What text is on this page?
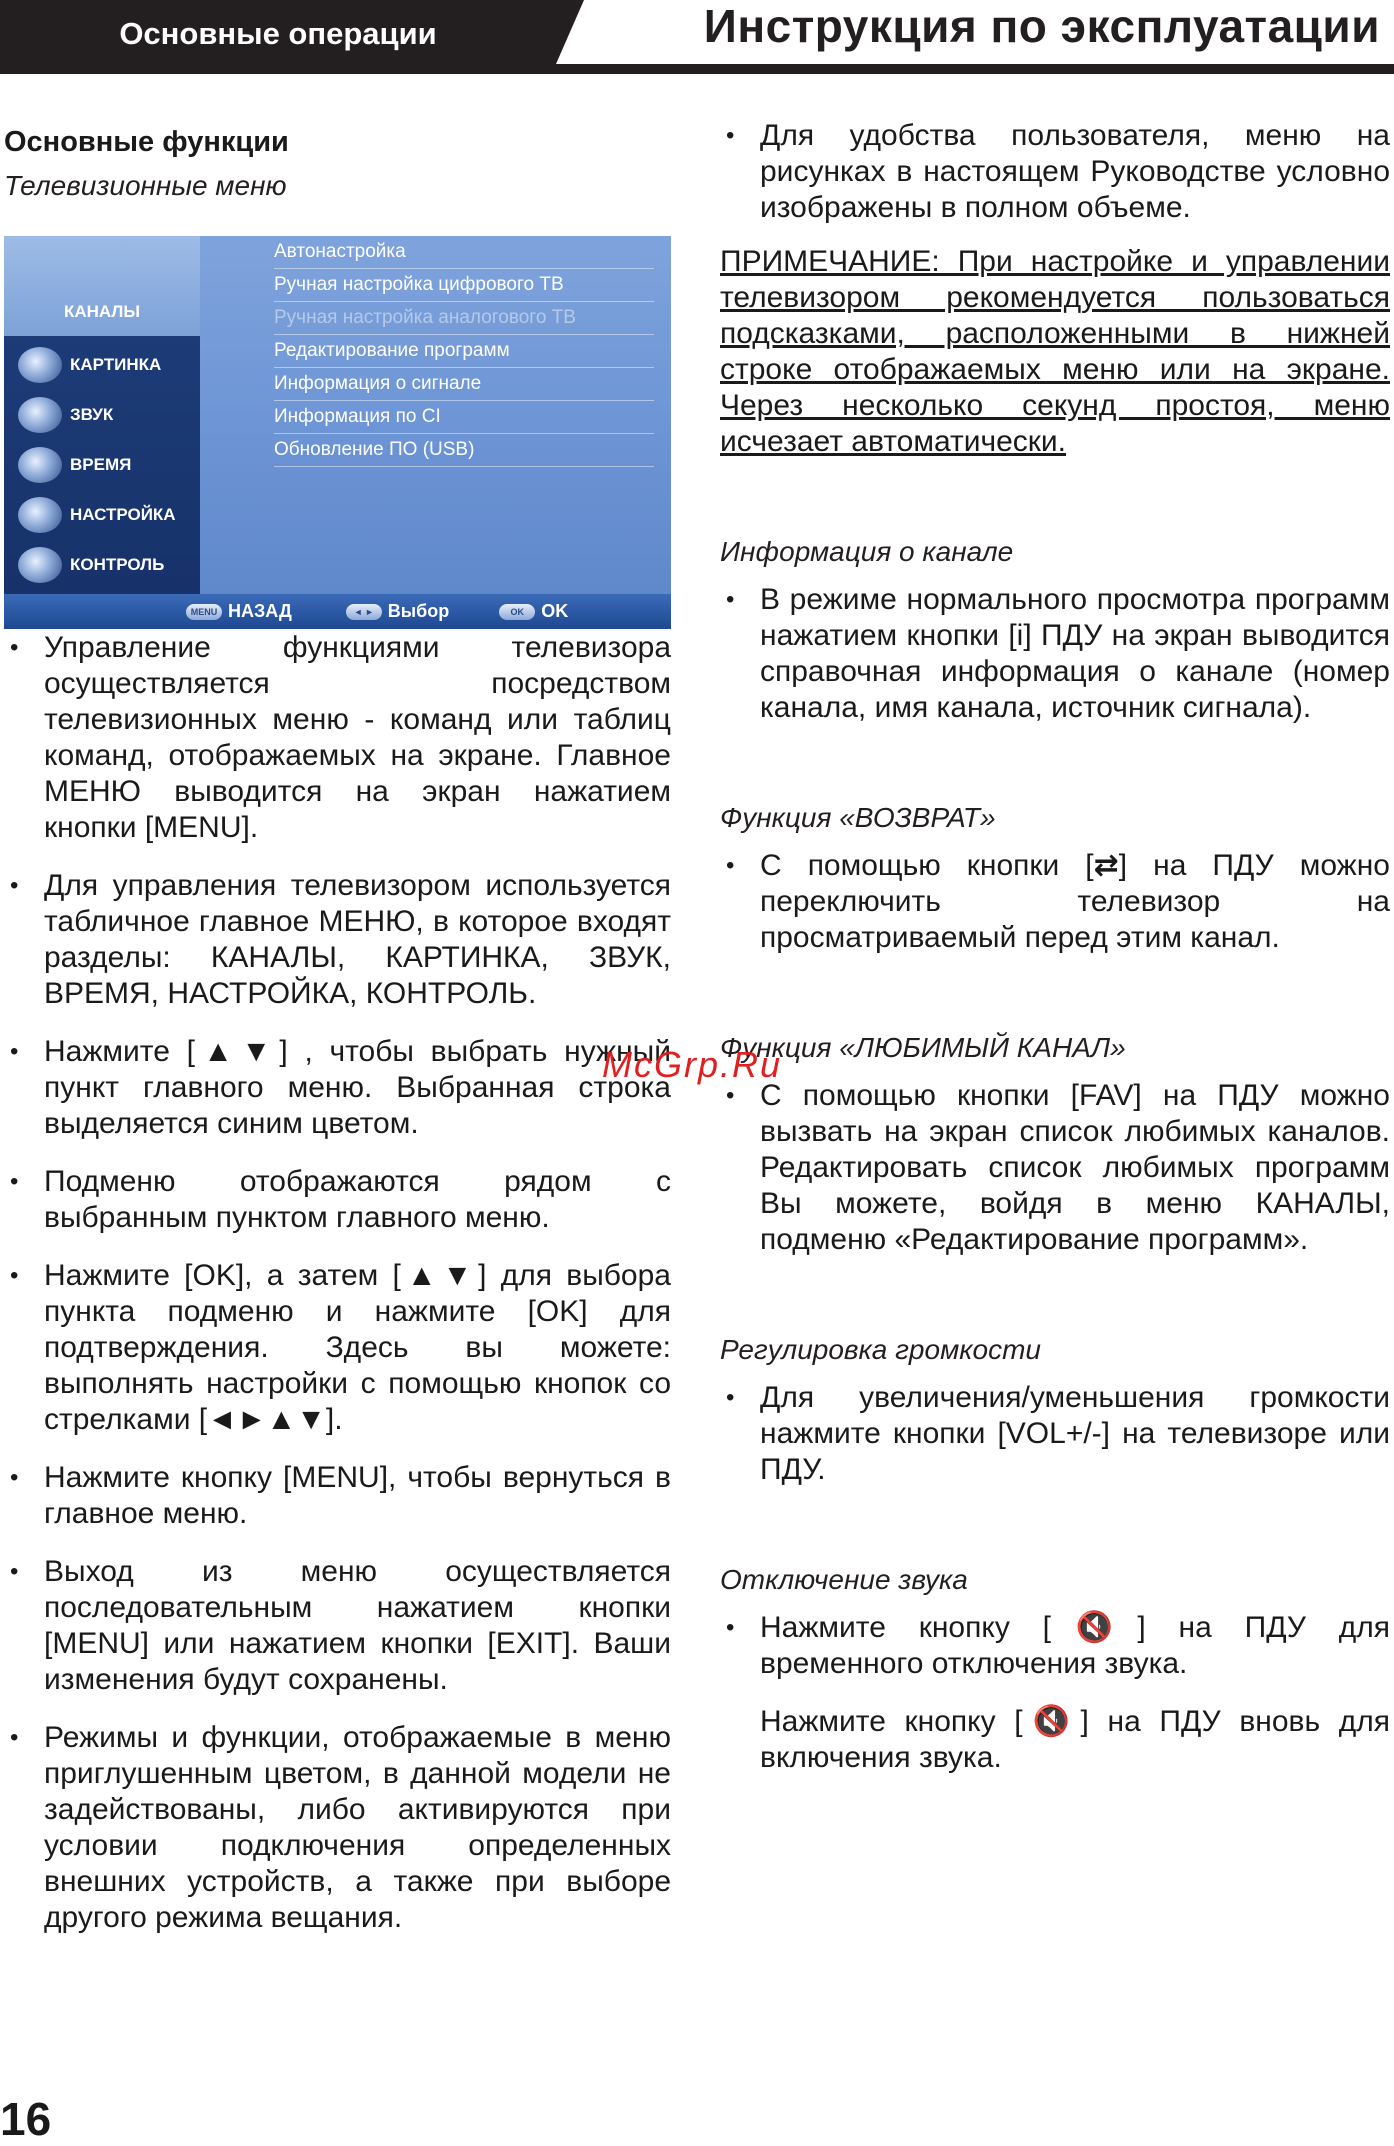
Основные операции	Инструкция по эксплуатации

Основные функции

Телевизионные меню

КАНАЛЫ
КАРТИНКА
ЗВУК
ВРЕМЯ
НАСТРОЙКА
КОНТРОЛЬ
Автонастройка
Ручная настройка цифрового ТВ
Ручная настройка аналогового ТВ
Редактирование программ
Информация о сигнале
Информация по CI
Обновление ПО (USB)
MENU НАЗАД	◄ ► Выбор	OK OK

• Управление функциями телевизора осуществляется посредством телевизионных меню - команд или таблиц команд, отображаемых на экране. Главное МЕНЮ выводится на экран нажатием кнопки [MENU].

• Для управления телевизором используется табличное главное МЕНЮ, в которое входят разделы: КАНАЛЫ, КАРТИНКА, ЗВУК, ВРЕМЯ, НАСТРОЙКА, КОНТРОЛЬ.

• Нажмите [▲▼] , чтобы выбрать нужный пункт главного меню. Выбранная строка выделяется синим цветом.

• Подменю отображаются рядом с выбранным пунктом главного меню.

• Нажмите [OK], а затем [▲▼] для выбора пункта подменю и нажмите [OK] для подтверждения. Здесь вы можете: выполнять настройки с помощью кнопок со стрелками [◄►▲▼].

• Нажмите кнопку [MENU], чтобы вернуться в главное меню.

• Выход из меню осуществляется последовательным нажатием кнопки [MENU] или нажатием кнопки [EXIT]. Ваши изменения будут сохранены.

• Режимы и функции, отображаемые в меню приглушенным цветом, в данной модели не задействованы, либо активируются при условии подключения определенных внешних устройств, а также при выборе другого режима вещания.

• Для удобства пользователя, меню на рисунках в настоящем Руководстве условно изображены в полном объеме.

ПРИМЕЧАНИЕ: При настройке и управлении телевизором рекомендуется пользоваться подсказками, расположенными в нижней строке отображаемых меню или на экране. Через несколько секунд простоя, меню исчезает автоматически.

Информация о канале

• В режиме нормального просмотра программ нажатием кнопки [i] ПДУ на экран выводится справочная информация о канале (номер канала, имя канала, источник сигнала).

Функция «ВОЗВРАТ»

• С помощью кнопки [⇄] на ПДУ можно переключить телевизор на просматриваемый перед этим канал.

Функция «ЛЮБИМЫЙ КАНАЛ»

• С помощью кнопки [FAV] на ПДУ можно вызвать на экран список любимых каналов. Редактировать список любимых программ Вы можете, войдя в меню КАНАЛЫ, подменю «Редактирование программ».

Регулировка громкости

• Для увеличения/уменьшения громкости нажмите кнопки [VOL+/-] на телевизоре или ПДУ.

Отключение звука

• Нажмите кнопку [🔇] на ПДУ для временного отключения звука.

Нажмите кнопку [🔇] на ПДУ вновь для включения звука.

McGrp.Ru
16
